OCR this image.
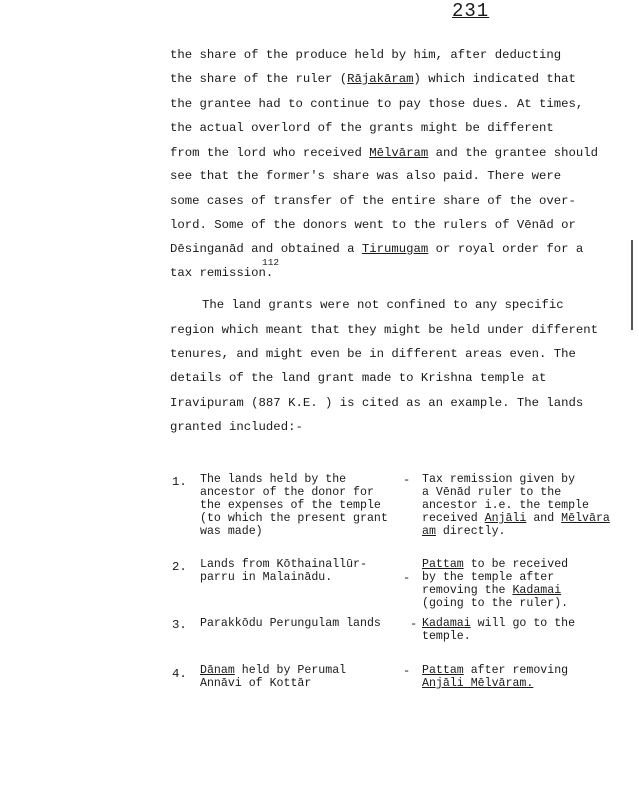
231
the share of the produce held by him, after deducting
the share of the ruler (Rājakāram) which indicated that
the grantee had to continue to pay those dues. At times,
the actual overlord of the grants might be different
from the lord who received Mēlvāram and the grantee should
see that the former's share was also paid. There were
some cases of transfer of the entire share of the over-
lord. Some of the donors went to the rulers of Vēnād or
Dēsinganād and obtained a Tirumugam or royal order for a
tax remission.
112
The land grants were not confined to any specific
region which meant that they might be held under different
tenures, and might even be in different areas even. The
details of the land grant made to Krishna temple at
Iravipuram (887 K.E. ) is cited as an example. The lands
granted included:-
1. The lands held by the
ancestor of the donor for
the expenses of the temple
(to which the present grant
was made)
- Tax remission given by
a Vēnād ruler to the
ancestor i.e. the temple
received Anjāli and Mēlvāra
am directly.
2. Lands from Kōthainallūr-
parru in Malainādu.	-
Pattam to be received
by the temple after
removing the Kadamai
(going to the ruler).
3. Parakkōdu Perungulam lands - Kadamai will go to the
temple.
4. Dānam held by Perumal
Annāvi of Kottār
- Pattam after removing
Anjāli Mēlvāram.
